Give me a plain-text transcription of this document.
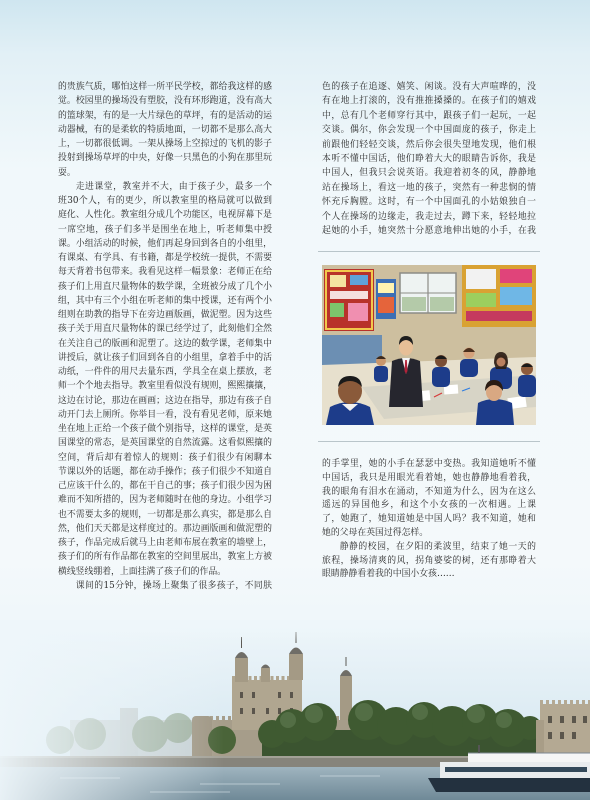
的贵族气质，哪怕这样一所平民学校，都给我这样的感
觉。校园里的操场没有塑胶，没有环形跑道，没有高大
的篮球架，有的是一大片绿色的草坪，有的是活动的运
动器械，有的是柔软的特质地面，一切都不是那么高大
上，一切都很低调。一架从操场上空掠过的飞机的影子
投射到操场草坪的中央，好像一只黑色的小狗在那里玩
耍。
走进课堂，教室并不大，由于孩子少，最多一个
班30个人，有的更少，所以教室里的格局就可以做到
庭化、人性化。教室组分成几个功能区，电视屏幕下是
一席空地，孩子们多半是围坐在地上，听老师集中授
课。小组活动的时候，他们再起身回到各自的小组里，
有课桌、有学具、有书籍，都是学校统一提供，不需要
每天背着书包带来。我看见这样一幅景象：老师正在给
孩子们上用直尺量物体的数学课，全班被分成了几个小
组，其中有三个小组在听老师的集中授课，还有两个小
组则在助教的指导下在旁边画版画，做泥塑。因为这些
孩子关于用直尺量物体的课已经学过了，此刻他们全然
在关注自己的版画和泥塑了。这边的数学课，老师集中
讲授后，就让孩子们回到各自的小组里，拿着手中的活
动纸，一件件的用尺去量东西，学具全在桌上摆放，老
师一个个地去指导。教室里看似没有规则，熙熙攘攘，
这边在讨论，那边在画画；这边在指导，那边有孩子自
动开门去上厕所。你举目一看，没有看见老师，原来她
坐在地上正给一个孩子做个别指导，这样的课堂，是英
国课堂的常态，是英国课堂的自然流露。这看似熙攘的
空间，背后却有着惊人的规则：孩子们很少有闲聊本
节课以外的话题，都在动手操作；孩子们很少不知道自
己应该干什么的，都在干自己的事；孩子们很少因为困
难而不知所措的，因为老师随时在他的身边。小组学习
也不需要太多的规则，一切都是那么真实，都是那么自
然，他们天天都是这样度过的。那边画版画和做泥塑的
孩子，作品完成后就马上由老师布展在教室的墙壁上，
孩子们的所有作品都在教室的空间里展出，教室上方被
横线竖线绷着，上面挂满了孩子们的作品。
课间的15分钟，操场上聚集了很多孩子，不同肤
色的孩子在追逐、嬉笑、闲谈。没有大声喧哗的，没
有在地上打滚的，没有推推搡搡的。在孩子们的嬉戏
中，总有几个老师穿行其中，跟孩子们一起玩，一起
交谈。偶尔，你会发现一个中国面庞的孩子，你走上
前跟他们轻轻交谈，然后你会很失望地发现，他们根
本听不懂中国话，他们睁着大大的眼睛告诉你，我是
中国人，但我只会说英语。我迎着初冬的风，静静地
站在操场上，看这一地的孩子，突然有一种悲悯的情
怀充斥胸膛。这时，有一个中国面孔的小姑娘独自一
个人在操场的边缘走，我走过去，蹲下来，轻轻地拉
起她的小手，她突然十分愿意地伸出她的小手，在我
的手掌里，她的小手在瑟瑟中变热。我知道她听不懂
中国话，我只是用眼光看着她，她也静静地看着我，
我的眼角有泪水在涌动，不知道为什么，因为在这么
遥远的异国他乡，和这个小女孩的一次相遇。上课
了，她跑了，她知道她是中国人吗？我不知道，她和
她的父母在英国过得怎样。
静静的校园，在夕阳的柔波里，结束了她一天的
旅程，操场清爽的风，拐角婆娑的树，还有那睁着大
眼睛静静看着我的中国小女孩……
